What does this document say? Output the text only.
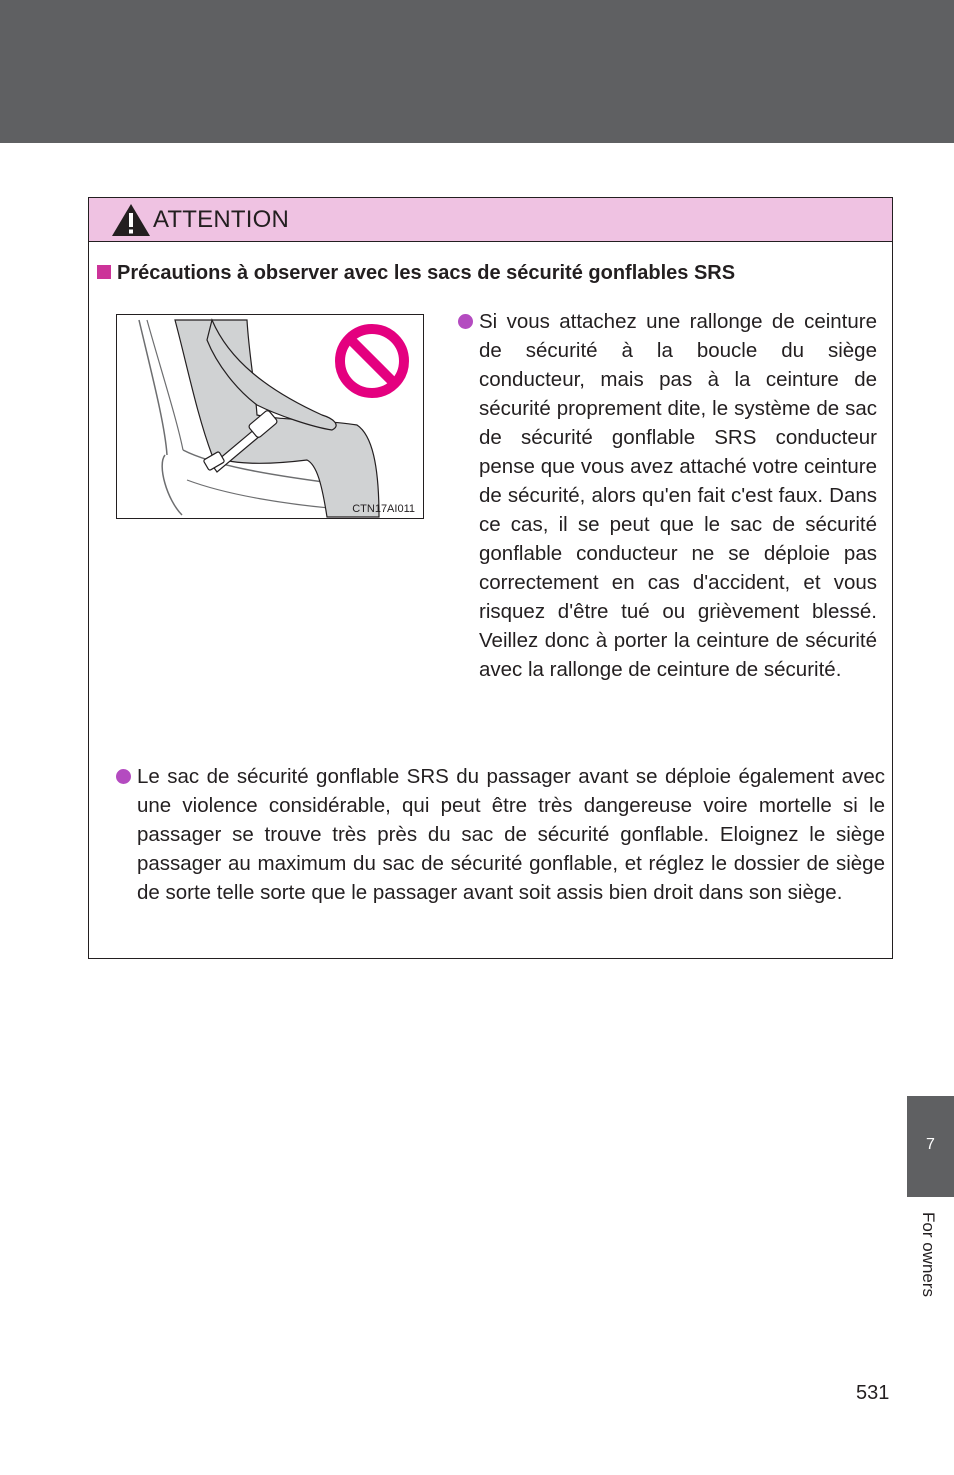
ATTENTION
Précautions à observer avec les sacs de sécurité gonflables SRS
CTN17AI011
Si vous attachez une rallonge de ceinture de sécurité à la boucle du siège conducteur, mais pas à la ceinture de sécurité proprement dite, le système de sac de sécurité gonflable SRS conducteur pense que vous avez attaché votre ceinture de sécurité, alors qu'en fait c'est faux. Dans ce cas, il se peut que le sac de sécurité gonflable conducteur ne se déploie pas correctement en cas d'accident, et vous risquez d'être tué ou grièvement blessé. Veillez donc à porter la ceinture de sécurité avec la rallonge de ceinture de sécurité.
Le sac de sécurité gonflable SRS du passager avant se déploie également avec une violence considérable, qui peut être très dangereuse voire mortelle si le passager se trouve très près du sac de sécurité gonflable. Eloignez le siège passager au maximum du sac de sécurité gonflable, et réglez le dossier de siège de sorte telle sorte que le passager avant soit assis bien droit dans son siège.
7
For owners
531
